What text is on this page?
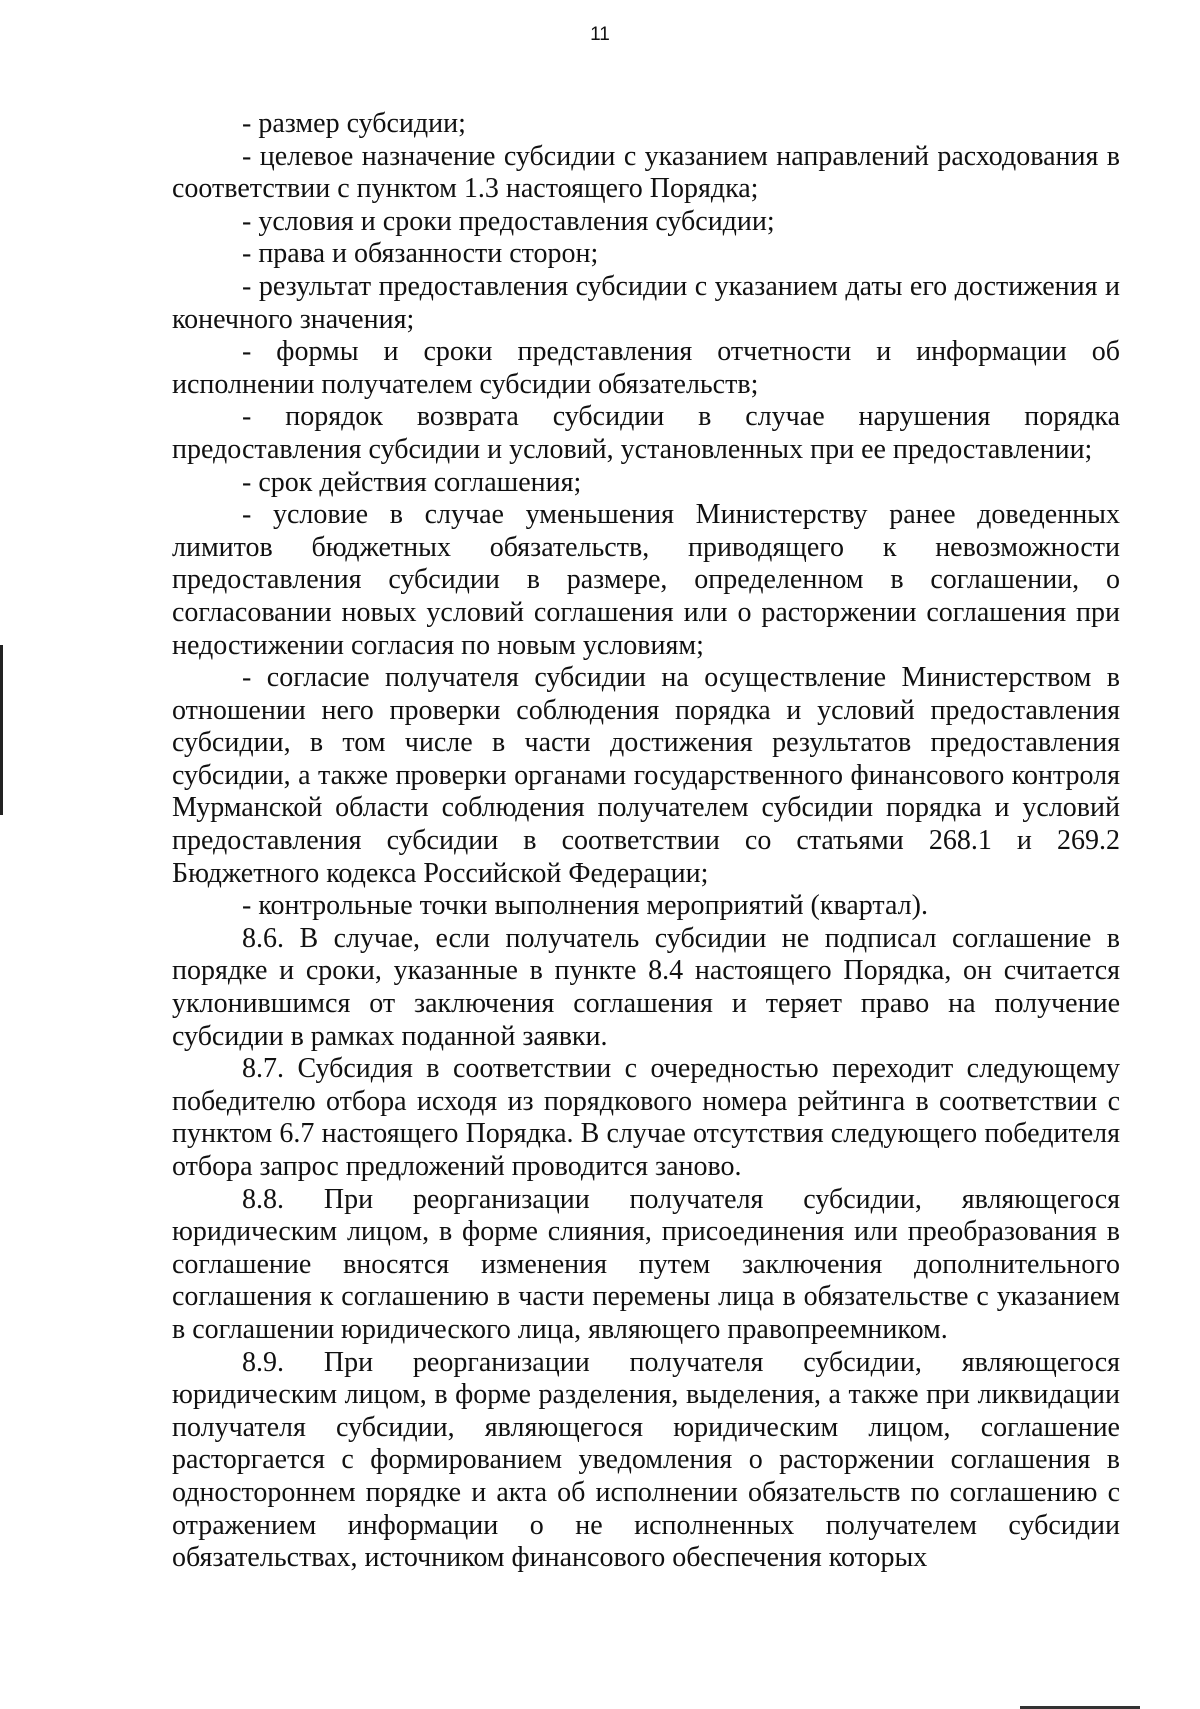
11

- размер субсидии;

- целевое назначение субсидии с указанием направлений расходования в соответствии с пунктом 1.3 настоящего Порядка;

- условия и сроки предоставления субсидии;

- права и обязанности сторон;

- результат предоставления субсидии с указанием даты его достижения и конечного значения;

- формы и сроки представления отчетности и информации об исполнении получателем субсидии обязательств;

- порядок возврата субсидии в случае нарушения порядка предоставления субсидии и условий, установленных при ее предоставлении;

- срок действия соглашения;

- условие в случае уменьшения Министерству ранее доведенных лимитов бюджетных обязательств, приводящего к невозможности предоставления субсидии в размере, определенном в соглашении, о согласовании новых условий соглашения или о расторжении соглашения при недостижении согласия по новым условиям;

- согласие получателя субсидии на осуществление Министерством в отношении него проверки соблюдения порядка и условий предоставления субсидии, в том числе в части достижения результатов предоставления субсидии, а также проверки органами государственного финансового контроля Мурманской области соблюдения получателем субсидии порядка и условий предоставления субсидии в соответствии со статьями 268.1 и 269.2 Бюджетного кодекса Российской Федерации;

- контрольные точки выполнения мероприятий (квартал).

8.6. В случае, если получатель субсидии не подписал соглашение в порядке и сроки, указанные в пункте 8.4 настоящего Порядка, он считается уклонившимся от заключения соглашения и теряет право на получение субсидии в рамках поданной заявки.

8.7. Субсидия в соответствии с очередностью переходит следующему победителю отбора исходя из порядкового номера рейтинга в соответствии с пунктом 6.7 настоящего Порядка. В случае отсутствия следующего победителя отбора запрос предложений проводится заново.

8.8. При реорганизации получателя субсидии, являющегося юридическим лицом, в форме слияния, присоединения или преобразования в соглашение вносятся изменения путем заключения дополнительного соглашения к соглашению в части перемены лица в обязательстве с указанием в соглашении юридического лица, являющего правопреемником.

8.9. При реорганизации получателя субсидии, являющегося юридическим лицом, в форме разделения, выделения, а также при ликвидации получателя субсидии, являющегося юридическим лицом, соглашение расторгается с формированием уведомления о расторжении соглашения в одностороннем порядке и акта об исполнении обязательств по соглашению с отражением информации о не исполненных получателем субсидии обязательствах, источником финансового обеспечения которых
